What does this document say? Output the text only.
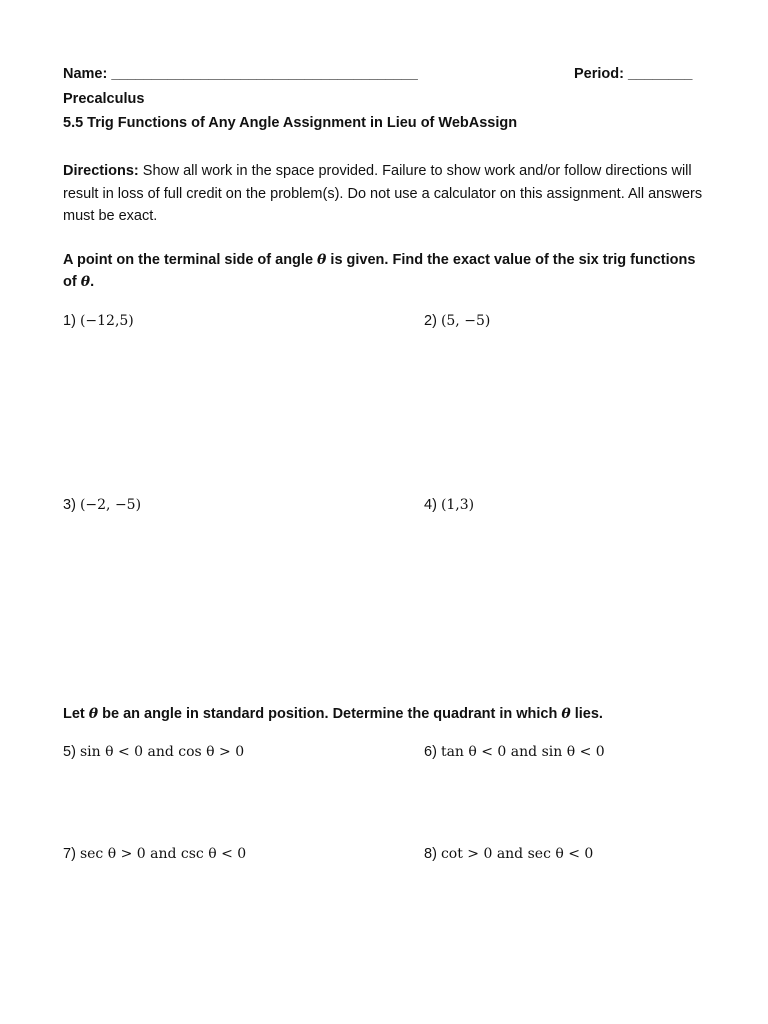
Name: ______________________________________	Period: ________
Precalculus
5.5 Trig Functions of Any Angle Assignment in Lieu of WebAssign
Directions: Show all work in the space provided. Failure to show work and/or follow directions will result in loss of full credit on the problem(s). Do not use a calculator on this assignment. All answers must be exact.
A point on the terminal side of angle θ is given. Find the exact value of the six trig functions of θ.
1) (−12,5)	2) (5, −5)
3) (−2, −5)	4) (1,3)
Let θ be an angle in standard position. Determine the quadrant in which θ lies.
5) sin θ < 0 and cos θ > 0	6) tan θ < 0 and sin θ < 0
7) sec θ > 0 and csc θ < 0	8) cot > 0 and sec θ < 0
